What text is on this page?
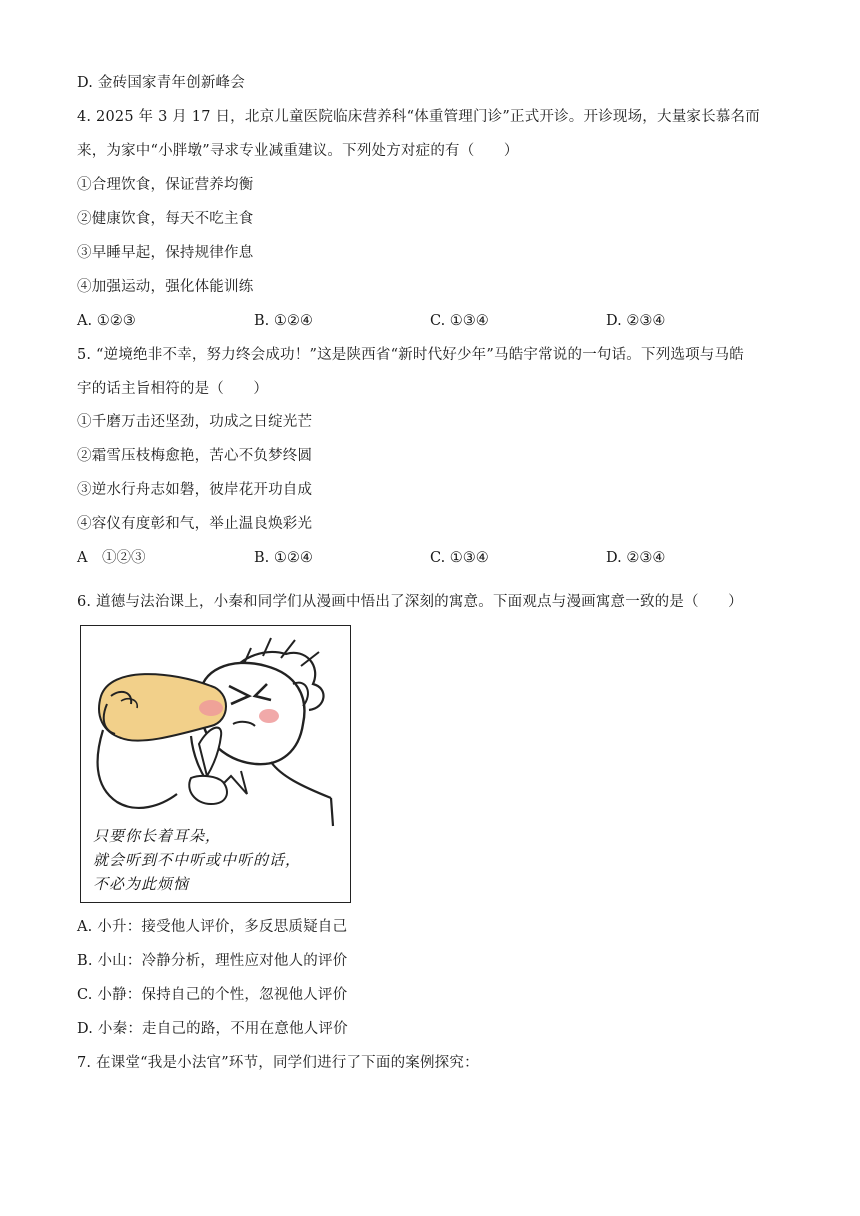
D. 金砖国家青年创新峰会
4. 2025 年 3 月 17 日，北京儿童医院临床营养科“体重管理门诊”正式开诊。开诊现场，大量家长慕名而
来，为家中“小胖墩”寻求专业减重建议。下列处方对症的有（　　）
①合理饮食，保证营养均衡
②健康饮食，每天不吃主食
③早睡早起，保持规律作息
④加强运动，强化体能训练
A. ①②③	B. ①②④	C. ①③④	D. ②③④
5. “逆境绝非不幸，努力终会成功！”这是陕西省“新时代好少年”马皓宇常说的一句话。下列选项与马皓
宇的话主旨相符的是（　　）
①千磨万击还坚劲，功成之日绽光芒
②霜雪压枝梅愈艳，苦心不负梦终圆
③逆水行舟志如磐，彼岸花开功自成
④容仪有度彰和气，举止温良焕彩光
A　①②③	B. ①②④	C. ①③④	D. ②③④
6. 道德与法治课上，小秦和同学们从漫画中悟出了深刻的寓意。下面观点与漫画寓意一致的是（　　）
只要你长着耳朵，
就会听到不中听或中听的话，
不必为此烦恼
A. 小升：接受他人评价，多反思质疑自己
B. 小山：冷静分析，理性应对他人的评价
C. 小静：保持自己的个性，忽视他人评价
D. 小秦：走自己的路，不用在意他人评价
7. 在课堂“我是小法官”环节，同学们进行了下面的案例探究：
